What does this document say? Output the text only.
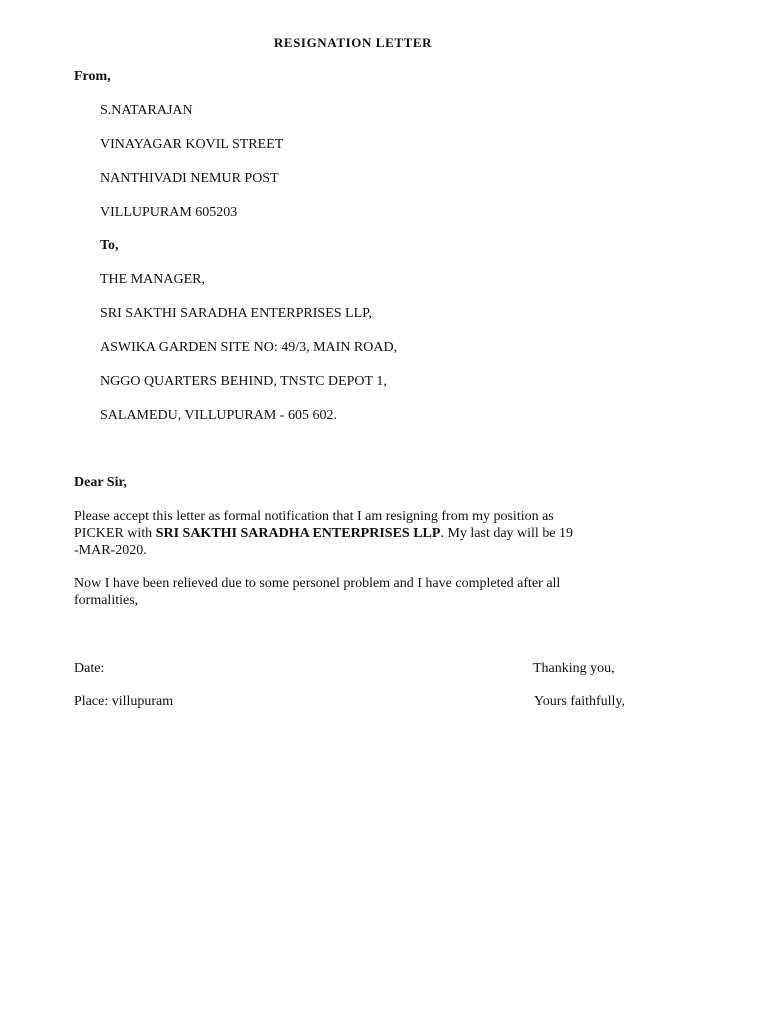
RESIGNATION LETTER
From,
S.NATARAJAN
VINAYAGAR KOVIL STREET
NANTHIVADI NEMUR POST
VILLUPURAM 605203
To,
THE MANAGER,
SRI SAKTHI SARADHA ENTERPRISES LLP,
ASWIKA GARDEN SITE NO: 49/3, MAIN ROAD,
NGGO QUARTERS BEHIND, TNSTC DEPOT 1,
SALAMEDU, VILLUPURAM - 605 602.
Dear Sir,
Please accept this letter as formal notification that I am resigning from my position as
PICKER with SRI SAKTHI SARADHA ENTERPRISES LLP. My last day will be 19
-MAR-2020.
Now I have been relieved due to some personel problem and I have completed after all
formalities,
Date:
Place: villupuram
Thanking you,
Yours faithfully,
